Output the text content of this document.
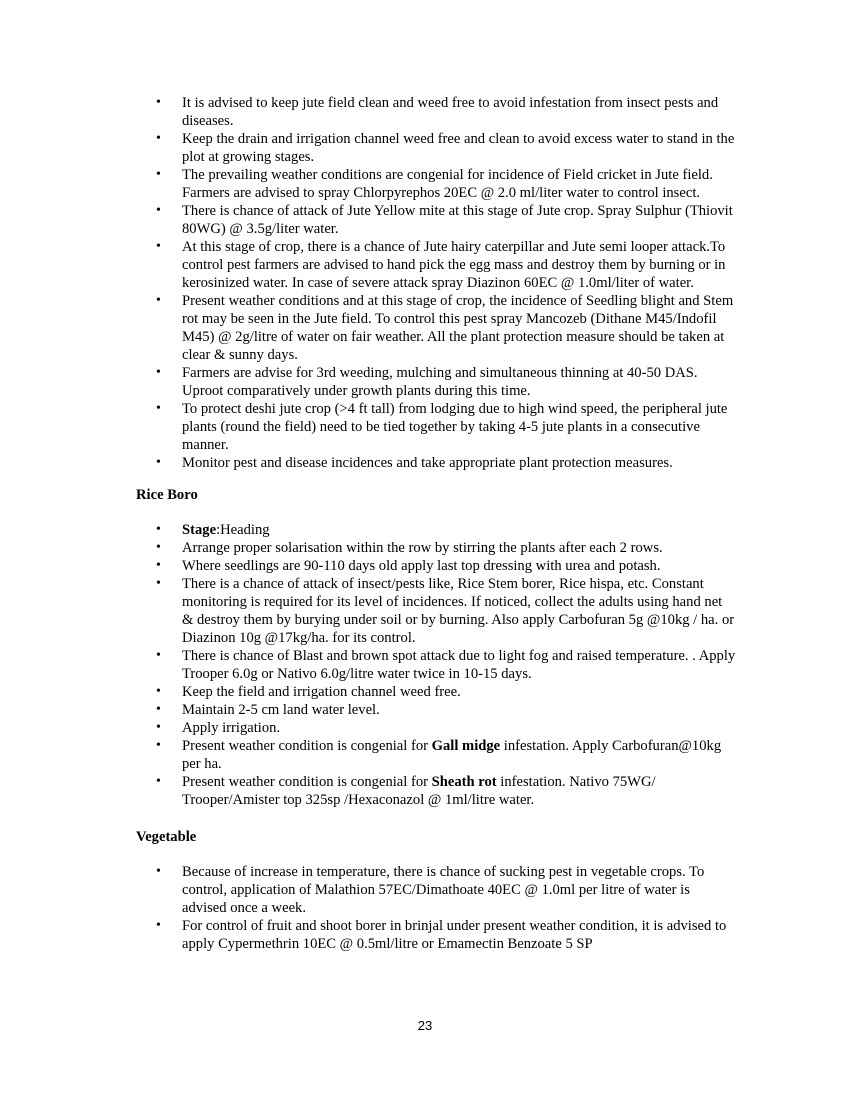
• It is advised to keep jute field clean and weed free to avoid infestation from insect pests and diseases.
• Keep the drain and irrigation channel weed free and clean to avoid excess water to stand in the plot at growing stages.
• The prevailing weather conditions are congenial for incidence of Field cricket in Jute field. Farmers are advised to spray Chlorpyrephos 20EC @ 2.0 ml/liter water to control insect.
• There is chance of attack of Jute Yellow mite at this stage of Jute crop. Spray Sulphur (Thiovit 80WG) @ 3.5g/liter water.
• At this stage of crop, there is a chance of Jute hairy caterpillar and Jute semi looper attack.To control pest farmers are advised to hand pick the egg mass and destroy them by burning or in kerosinized water. In case of severe attack spray Diazinon 60EC @ 1.0ml/liter of water.
• Present weather conditions and at this stage of crop, the incidence of Seedling blight and Stem rot may be seen in the Jute field. To control this pest spray Mancozeb (Dithane M45/Indofil M45) @ 2g/litre of water on fair weather. All the plant protection measure should be taken at clear & sunny days.
• Farmers are advise for 3rd weeding, mulching and simultaneous thinning at 40-50 DAS. Uproot comparatively under growth plants during this time.
• To protect deshi jute crop (>4 ft tall) from lodging due to high wind speed, the peripheral jute plants (round the field) need to be tied together by taking 4-5 jute plants in a consecutive manner.
• Monitor pest and disease incidences and take appropriate plant protection measures.

Rice Boro

• Stage:Heading
• Arrange proper solarisation within the row by stirring the plants after each 2 rows.
• Where seedlings are 90-110 days old apply last top dressing with urea and potash.
• There is a chance of attack of insect/pests like, Rice Stem borer, Rice hispa, etc. Constant monitoring is required for its level of incidences. If noticed, collect the adults using hand net & destroy them by burying under soil or by burning. Also apply Carbofuran 5g @10kg / ha. or Diazinon 10g @17kg/ha. for its control.
• There is chance of Blast and brown spot attack due to light fog and raised temperature. . Apply Trooper 6.0g or Nativo 6.0g/litre water twice in 10-15 days.
• Keep the field and irrigation channel weed free.
• Maintain 2-5 cm land water level.
• Apply irrigation.
• Present weather condition is congenial for Gall midge infestation. Apply Carbofuran@10kg per ha.
• Present weather condition is congenial for Sheath rot infestation. Nativo 75WG/ Trooper/Amister top 325sp /Hexaconazol @ 1ml/litre water.

Vegetable

• Because of increase in temperature, there is chance of sucking pest in vegetable crops. To control, application of Malathion 57EC/Dimathoate 40EC @ 1.0ml per litre of water is advised once a week.
• For control of fruit and shoot borer in brinjal under present weather condition, it is advised to apply Cypermethrin 10EC @ 0.5ml/litre or Emamectin Benzoate 5 SP
23
